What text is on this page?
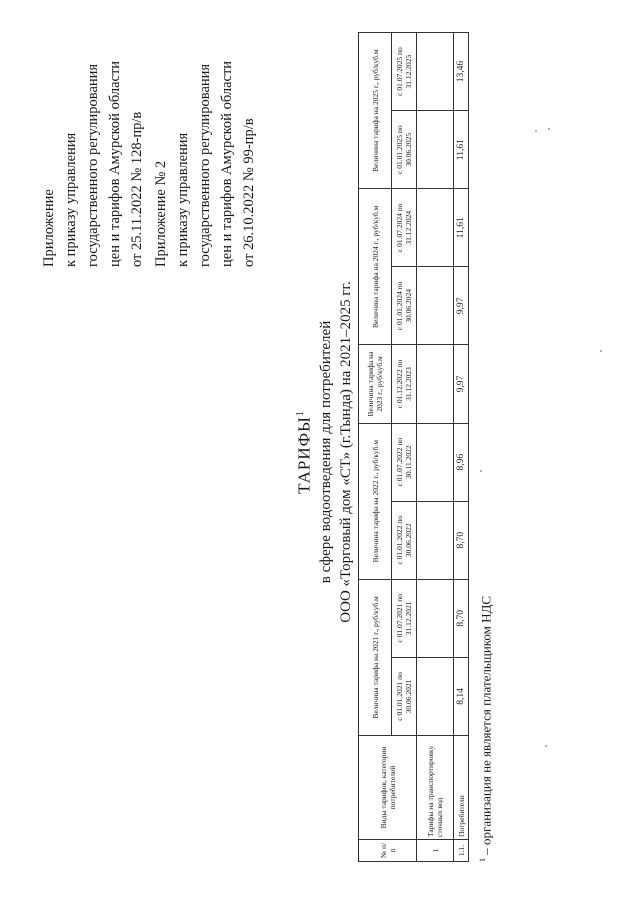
Приложение к приказу управления государственного регулирования цен и тарифов Амурской области от 25.11.2022 № 128-пр/в Приложение № 2 к приказу управления государственного регулирования цен и тарифов Амурской области от 26.10.2022 № 99-пр/в
ТАРИФЫ$^1$ в сфере водоотведения для потребителей ООО «Торговый дом «СТ» (г.Тында) на 2021–2025 гг.
№ п/п	Виды тарифов, категории потребителей	Величина тарифа на 2021 г., руб/куб.м		Величина тарифа на 2022 г., руб/куб.м		Величина тарифа на 2023 г., руб/куб.м	Величина тарифа на 2024 г., руб/куб.м		Величина тарифа на 2025 г., руб/куб.м	
		с 01.01.2021 по 30.06.2021	с 01.07.2021 по 31.12.2021	с 01.01.2022 по 30.06.2022	с 01.07.2022 по 30.11.2022	с 01.12.2022 по 31.12.2023	с 01.01.2024 по 30.06.2024	с 01.07.2024 по 31.12.2024	с 01.01.2025 по 30.06.2025	с 01.07.2025 по 31.12.2025
1	Тарифы на транспортировку сточных вод									
1.1.	Потребители	8,14	8,70	8,70	8,96	9,97	9,97	11,61	11,61	13,46
$^1$ – организация не является плательщиком НДС
